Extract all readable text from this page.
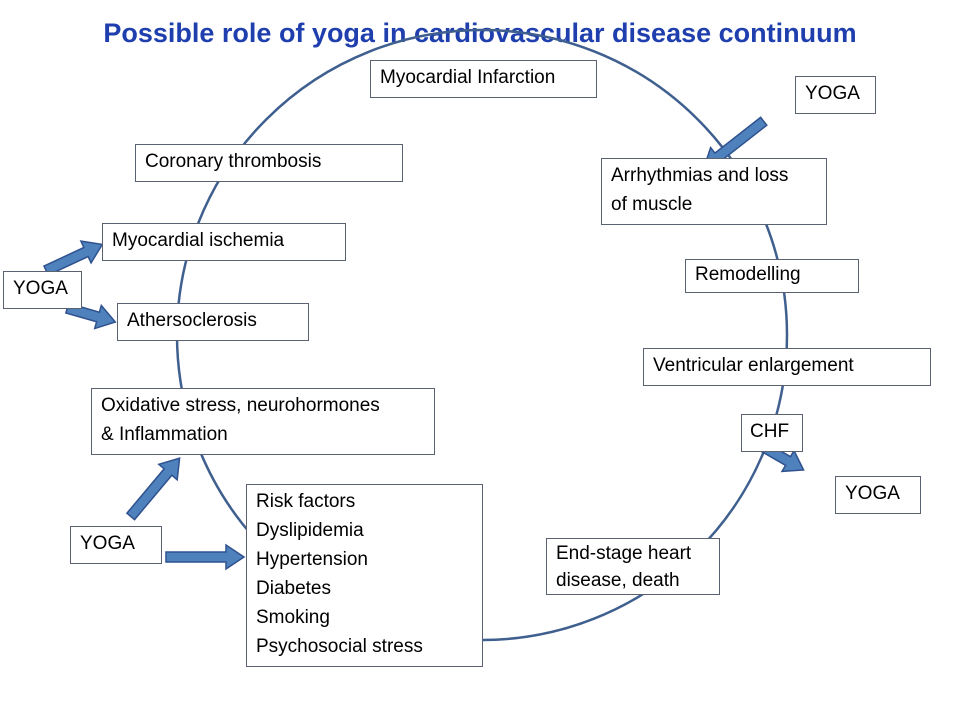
Possible role of yoga in cardiovascular disease continuum
Myocardial Infarction
Coronary thrombosis
Myocardial ischemia
Athersoclerosis
Oxidative stress, neurohormones
& Inflammation
Risk factors
Dyslipidemia
Hypertension
Diabetes
Smoking
Psychosocial stress
Arrhythmias and loss
of muscle
Remodelling
Ventricular enlargement
CHF
End-stage heart
disease, death
YOGA
YOGA
YOGA
YOGA
